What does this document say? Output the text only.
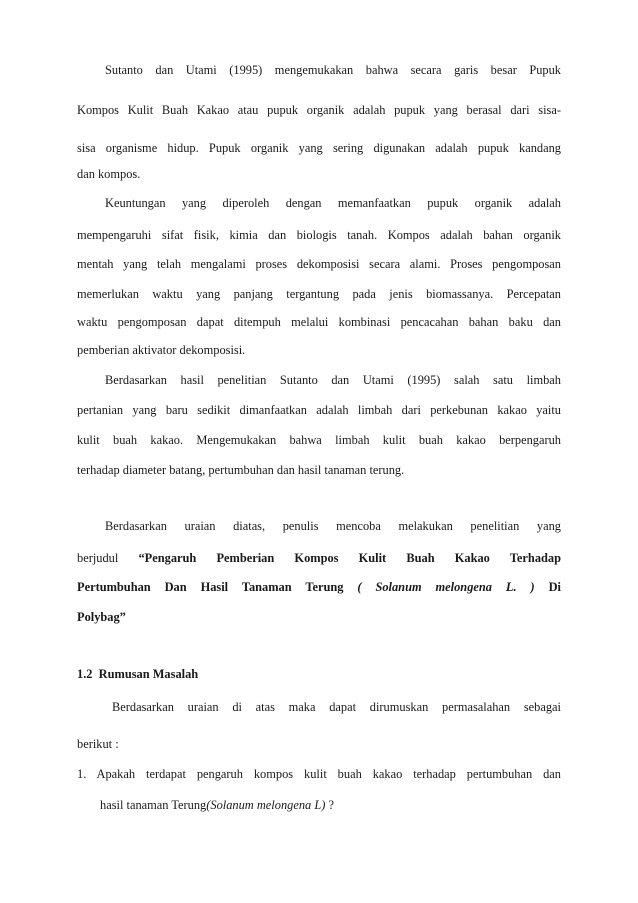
Sutanto dan Utami (1995) mengemukakan bahwa secara garis besar Pupuk
Kompos Kulit Buah Kakao atau pupuk organik adalah pupuk yang berasal dari sisa-
sisa organisme hidup. Pupuk organik yang sering digunakan adalah pupuk kandang
dan kompos.
Keuntungan yang diperoleh dengan memanfaatkan pupuk organik adalah
mempengaruhi sifat fisik, kimia dan biologis tanah. Kompos adalah bahan organik
mentah yang telah mengalami proses dekomposisi secara alami. Proses pengomposan
memerlukan waktu yang panjang tergantung pada jenis biomassanya. Percepatan
waktu pengomposan dapat ditempuh melalui kombinasi pencacahan bahan baku dan
pemberian aktivator dekomposisi.
Berdasarkan hasil penelitian Sutanto dan Utami (1995) salah satu limbah
pertanian yang baru sedikit dimanfaatkan adalah limbah dari perkebunan kakao yaitu
kulit buah kakao. Mengemukakan bahwa limbah kulit buah kakao berpengaruh
terhadap diameter batang, pertumbuhan dan hasil tanaman terung.
Berdasarkan uraian diatas, penulis mencoba melakukan penelitian yang
berjudul “Pengaruh Pemberian Kompos Kulit Buah Kakao Terhadap
Pertumbuhan Dan Hasil Tanaman Terung ( Solanum melongena L. ) Di
Polybag”
1.2  Rumusan Masalah
Berdasarkan uraian di atas maka dapat dirumuskan permasalahan sebagai
berikut :
1. Apakah terdapat pengaruh kompos kulit buah kakao terhadap pertumbuhan dan
hasil tanaman Terung(Solanum melongena L) ?
